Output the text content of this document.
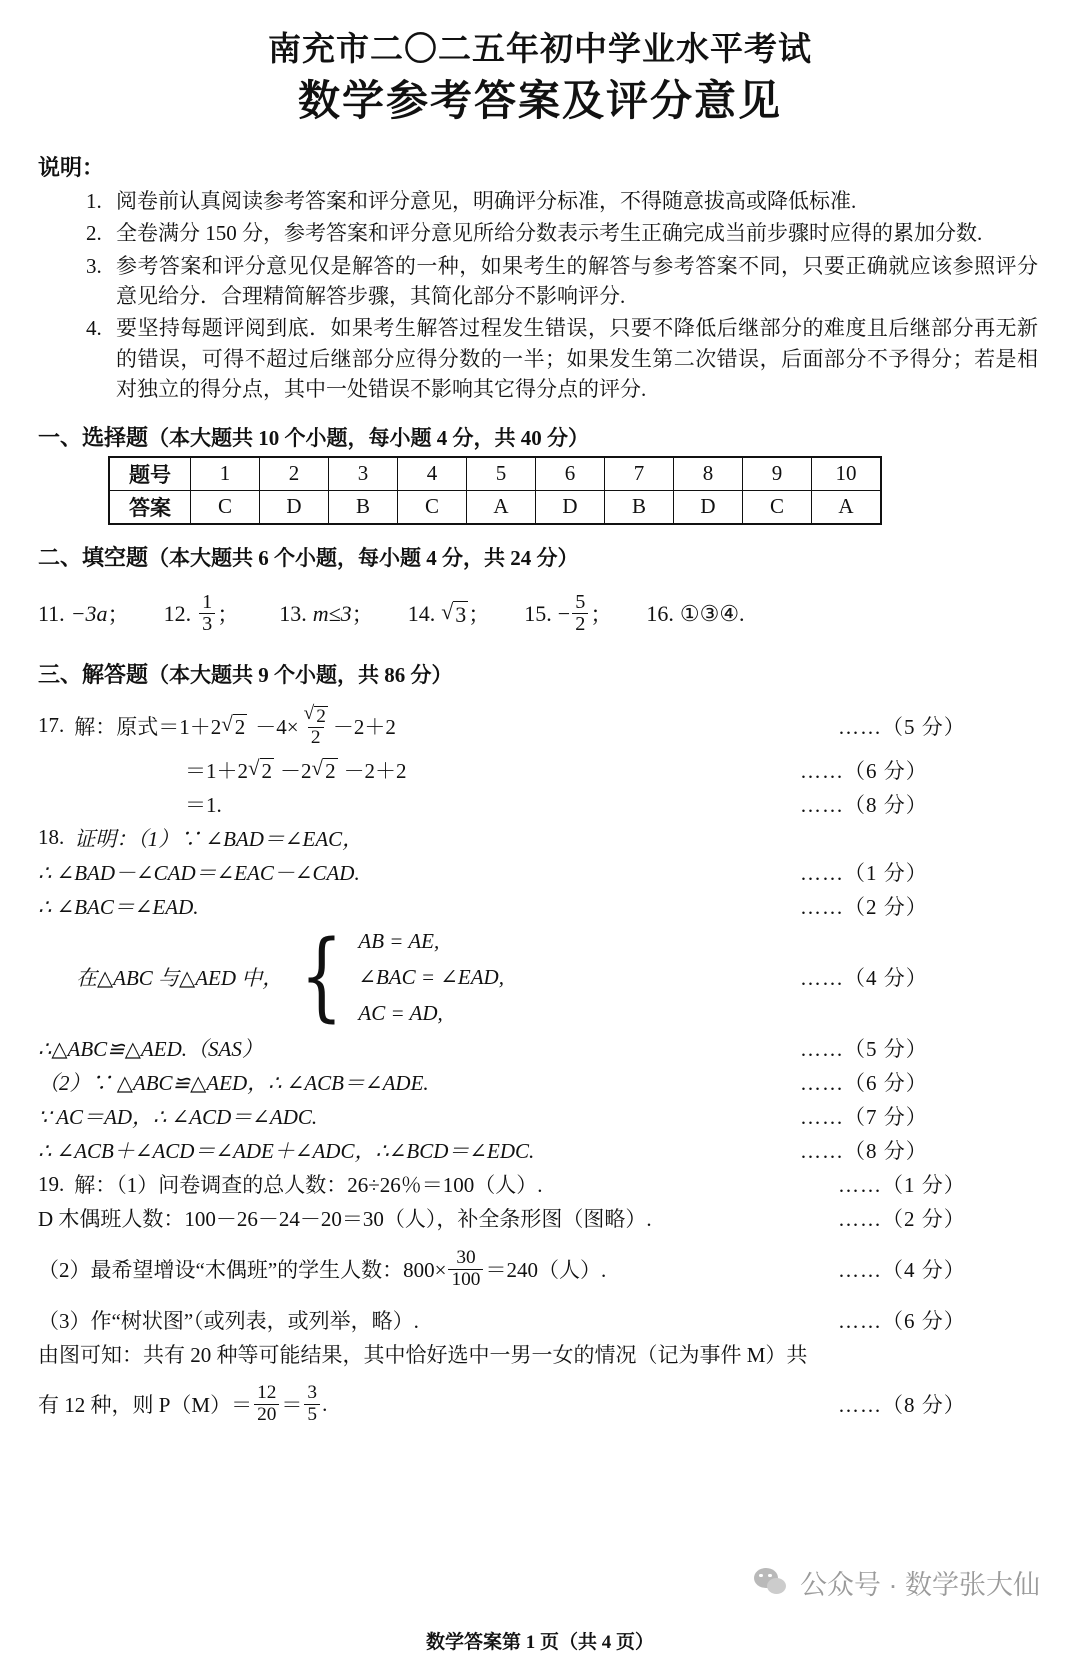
南充市二〇二五年初中学业水平考试
数学参考答案及评分意见
说明：
1. 阅卷前认真阅读参考答案和评分意见，明确评分标准，不得随意拔高或降低标准.
2. 全卷满分 150 分，参考答案和评分意见所给分数表示考生正确完成当前步骤时应得的累加分数.
3. 参考答案和评分意见仅是解答的一种，如果考生的解答与参考答案不同，只要正确就应该参照评分意见给分．合理精简解答步骤，其简化部分不影响评分.
4. 要坚持每题评阅到底．如果考生解答过程发生错误，只要不降低后继部分的难度且后继部分再无新的错误，可得不超过后继部分应得分数的一半；如果发生第二次错误，后面部分不予得分；若是相对独立的得分点，其中一处错误不影响其它得分点的评分.
一、选择题（本大题共 10 个小题，每小题 4 分，共 40 分）
题号	1	2	3	4	5	6	7	8	9	10
答案	C	D	B	C	A	D	B	D	C	A
二、填空题（本大题共 6 个小题，每小题 4 分，共 24 分）
11. −3a ； 12. $\frac{1}{3}$ ； 13. m≤3 ； 14. √ 3 ； 15. − $\frac{5}{2}$ ； 16. ① ③ ④ .
三、解答题（本大题共 9 个小题，共 86 分）
17. 解：原式＝1＋2 √ $2 -4\times \frac{√ 2}{2} -2+2$	……（5 分）
＝1＋2 √ 2 －2 √ 2 －2＋2	……（6 分）
＝1.	……（8 分）
18. 证明：（1）∵ ∠BAD＝∠EAC，
∴ ∠BAD－∠CAD＝∠EAC－∠CAD.	……（1 分）
∴ ∠BAC＝∠EAD.	……（2 分）
在△ABC 与△AED 中， { AB = AE,
∠BAC = ∠EAD,
AC = AD,
……（4 分）
∴△ABC≌△AED.（SAS）	……（5 分）
（2）∵ △ABC≌△AED，∴ ∠ACB＝∠ADE.	……（6 分）
∵ AC＝AD，∴ ∠ACD＝∠ADC.	……（7 分）
∴ ∠ACB＋∠ACD＝∠ADE＋∠ADC，∴∠BCD＝∠EDC.	……（8 分）
19. 解：（1）问卷调查的总人数：26÷26％＝100（人）.	……（1 分）
D 木偶班人数：100－26－24－20＝30（人），补全条形图（图略）.	……（2 分）
（2）最希望增设“木偶班”的学生人数：$800\times \frac{30}{100} =240$（人）.	……（4 分）
（3）作“树状图”（或列表，或列举，略）.	……（6 分）
由图可知：共有 20 种等可能结果，其中恰好选中一男一女的情况（记为事件 M）共
有 12 种，则 $P(M)= \frac{12}{20} = \frac{3}{5}$ .	……（8 分）
公众号 · 数学张大仙
数学答案第 1 页（共 4 页）
